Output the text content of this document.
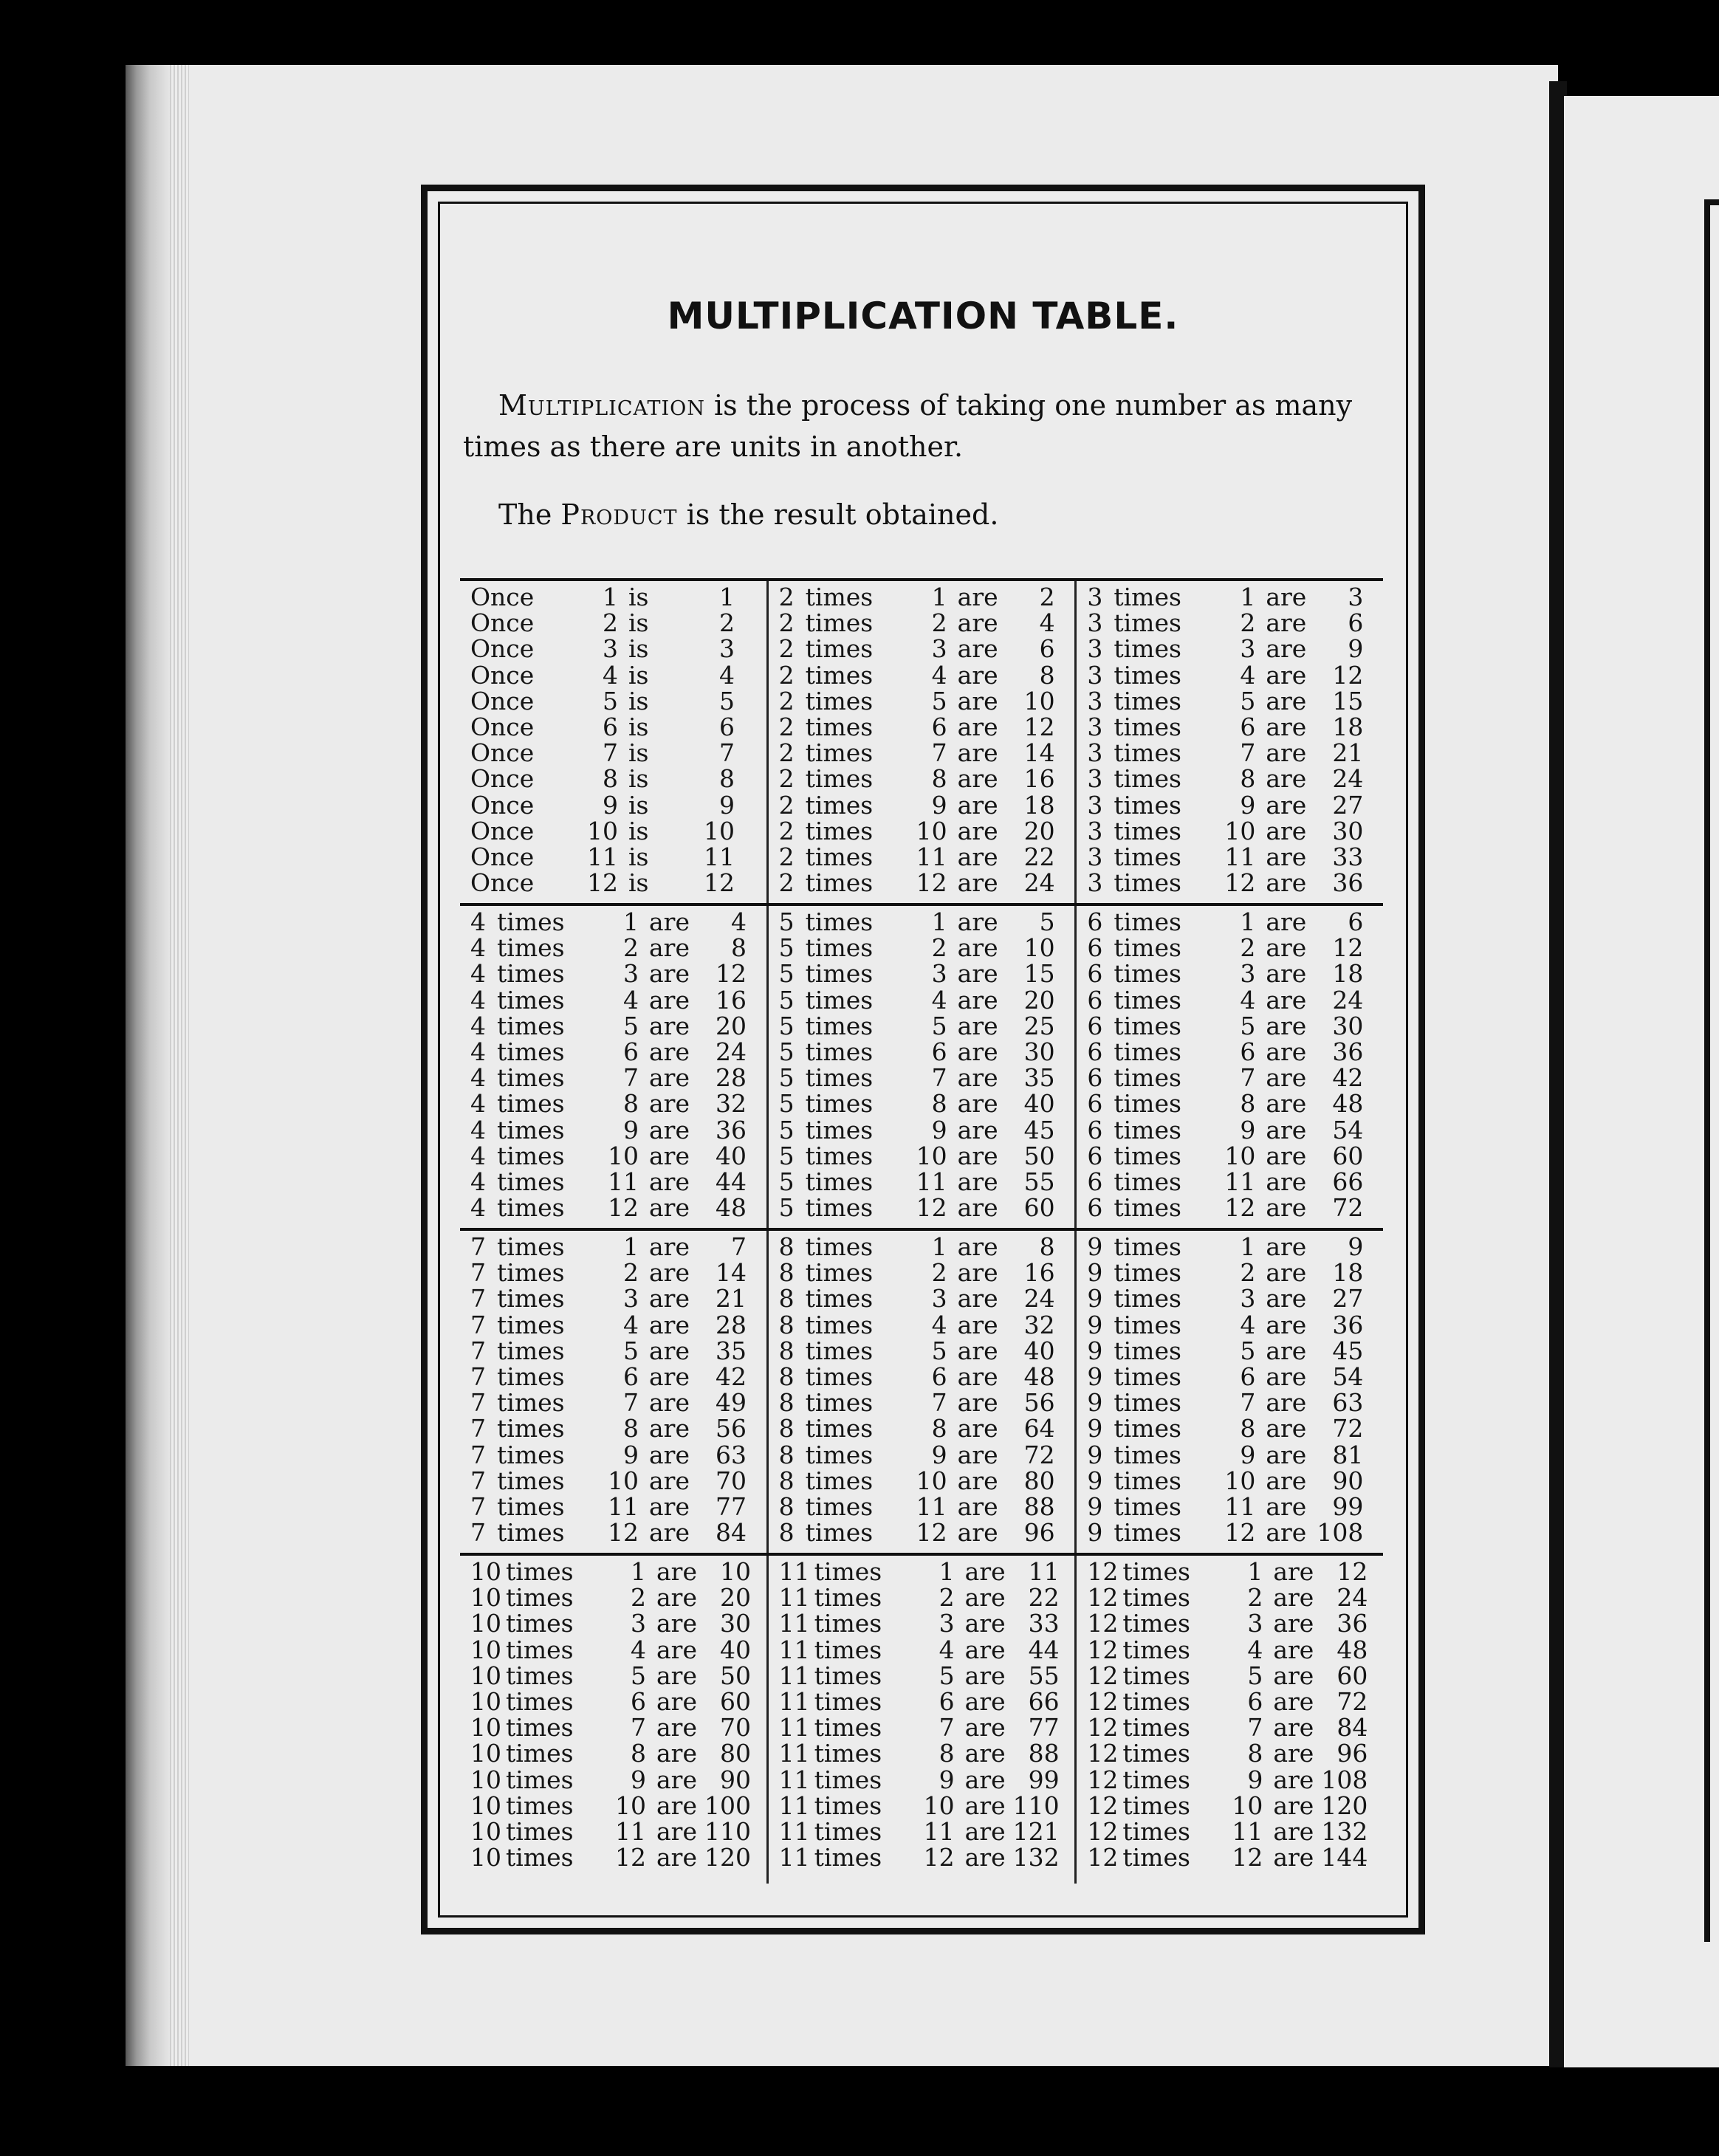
MULTIPLICATION TABLE.
Multiplication is the process of taking one number as many times as there are units in another.
The Product is the result obtained.
Once	1 is	1
Once	2 is	2
Once	3 is	3
Once	4 is	4
Once	5 is	5
Once	6 is	6
Once	7 is	7
Once	8 is	8
Once	9 is	9
Once	10 is	10
Once	11 is	11
Once	12 is	12
2 times	1 are	2
2 times	2 are	4
2 times	3 are	6
2 times	4 are	8
2 times	5 are	10
2 times	6 are	12
2 times	7 are	14
2 times	8 are	16
2 times	9 are	18
2 times	10 are	20
2 times	11 are	22
2 times	12 are	24
3 times	1 are	3
3 times	2 are	6
3 times	3 are	9
3 times	4 are	12
3 times	5 are	15
3 times	6 are	18
3 times	7 are	21
3 times	8 are	24
3 times	9 are	27
3 times	10 are	30
3 times	11 are	33
3 times	12 are	36
4 times	1 are	4
4 times	2 are	8
4 times	3 are	12
4 times	4 are	16
4 times	5 are	20
4 times	6 are	24
4 times	7 are	28
4 times	8 are	32
4 times	9 are	36
4 times	10 are	40
4 times	11 are	44
4 times	12 are	48
5 times	1 are	5
5 times	2 are	10
5 times	3 are	15
5 times	4 are	20
5 times	5 are	25
5 times	6 are	30
5 times	7 are	35
5 times	8 are	40
5 times	9 are	45
5 times	10 are	50
5 times	11 are	55
5 times	12 are	60
6 times	1 are	6
6 times	2 are	12
6 times	3 are	18
6 times	4 are	24
6 times	5 are	30
6 times	6 are	36
6 times	7 are	42
6 times	8 are	48
6 times	9 are	54
6 times	10 are	60
6 times	11 are	66
6 times	12 are	72
7 times	1 are	7
7 times	2 are	14
7 times	3 are	21
7 times	4 are	28
7 times	5 are	35
7 times	6 are	42
7 times	7 are	49
7 times	8 are	56
7 times	9 are	63
7 times	10 are	70
7 times	11 are	77
7 times	12 are	84
8 times	1 are	8
8 times	2 are	16
8 times	3 are	24
8 times	4 are	32
8 times	5 are	40
8 times	6 are	48
8 times	7 are	56
8 times	8 are	64
8 times	9 are	72
8 times	10 are	80
8 times	11 are	88
8 times	12 are	96
9 times	1 are	9
9 times	2 are	18
9 times	3 are	27
9 times	4 are	36
9 times	5 are	45
9 times	6 are	54
9 times	7 are	63
9 times	8 are	72
9 times	9 are	81
9 times	10 are	90
9 times	11 are	99
9 times	12 are 108
10 times	1 are 10
10 times	2 are 20
10 times	3 are 30
10 times	4 are 40
10 times	5 are 50
10 times	6 are 60
10 times	7 are 70
10 times	8 are 80
10 times	9 are 90
10 times	10 are 100
10 times	11 are 110
10 times	12 are 120
11 times	1 are 11
11 times	2 are 22
11 times	3 are 33
11 times	4 are 44
11 times	5 are 55
11 times	6 are 66
11 times	7 are 77
11 times	8 are 88
11 times	9 are 99
11 times	10 are 110
11 times	11 are 121
11 times	12 are 132
12 times	1 are 12
12 times	2 are 24
12 times	3 are 36
12 times	4 are 48
12 times	5 are 60
12 times	6 are 72
12 times	7 are 84
12 times	8 are 96
12 times	9 are 108
12 times	10 are 120
12 times	11 are 132
12 times	12 are 144
